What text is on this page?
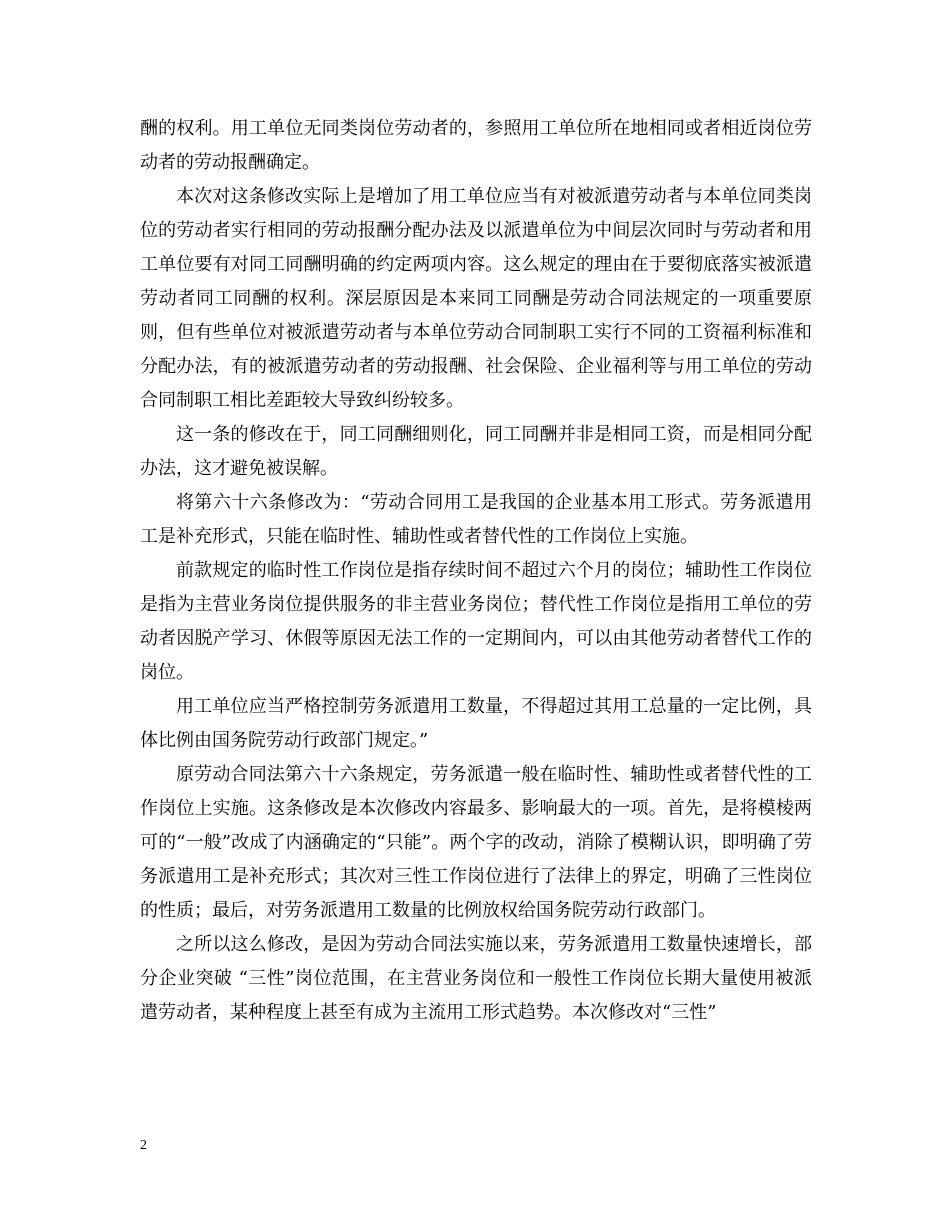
酬的权利。用工单位无同类岗位劳动者的，参照用工单位所在地相同或者相近岗位劳动者的劳动报酬确定。

本次对这条修改实际上是增加了用工单位应当有对被派遣劳动者与本单位同类岗位的劳动者实行相同的劳动报酬分配办法及以派遣单位为中间层次同时与劳动者和用工单位要有对同工同酬明确的约定两项内容。这么规定的理由在于要彻底落实被派遣劳动者同工同酬的权利。深层原因是本来同工同酬是劳动合同法规定的一项重要原则，但有些单位对被派遣劳动者与本单位劳动合同制职工实行不同的工资福利标准和分配办法，有的被派遣劳动者的劳动报酬、社会保险、企业福利等与用工单位的劳动合同制职工相比差距较大导致纠纷较多。

这一条的修改在于，同工同酬细则化，同工同酬并非是相同工资，而是相同分配办法，这才避免被误解。

将第六十六条修改为：“劳动合同用工是我国的企业基本用工形式。劳务派遣用工是补充形式，只能在临时性、辅助性或者替代性的工作岗位上实施。

前款规定的临时性工作岗位是指存续时间不超过六个月的岗位；辅助性工作岗位是指为主营业务岗位提供服务的非主营业务岗位；替代性工作岗位是指用工单位的劳动者因脱产学习、休假等原因无法工作的一定期间内，可以由其他劳动者替代工作的岗位。

用工单位应当严格控制劳务派遣用工数量，不得超过其用工总量的一定比例，具体比例由国务院劳动行政部门规定。”

原劳动合同法第六十六条规定，劳务派遣一般在临时性、辅助性或者替代性的工作岗位上实施。这条修改是本次修改内容最多、影响最大的一项。首先，是将模棱两可的“一般”改成了内涵确定的“只能”。两个字的改动，消除了模糊认识，即明确了劳务派遣用工是补充形式；其次对三性工作岗位进行了法律上的界定，明确了三性岗位的性质；最后，对劳务派遣用工数量的比例放权给国务院劳动行政部门。

之所以这么修改，是因为劳动合同法实施以来，劳务派遣用工数量快速增长，部分企业突破 “三性”岗位范围，在主营业务岗位和一般性工作岗位长期大量使用被派遣劳动者，某种程度上甚至有成为主流用工形式趋势。本次修改对“三性”

2
